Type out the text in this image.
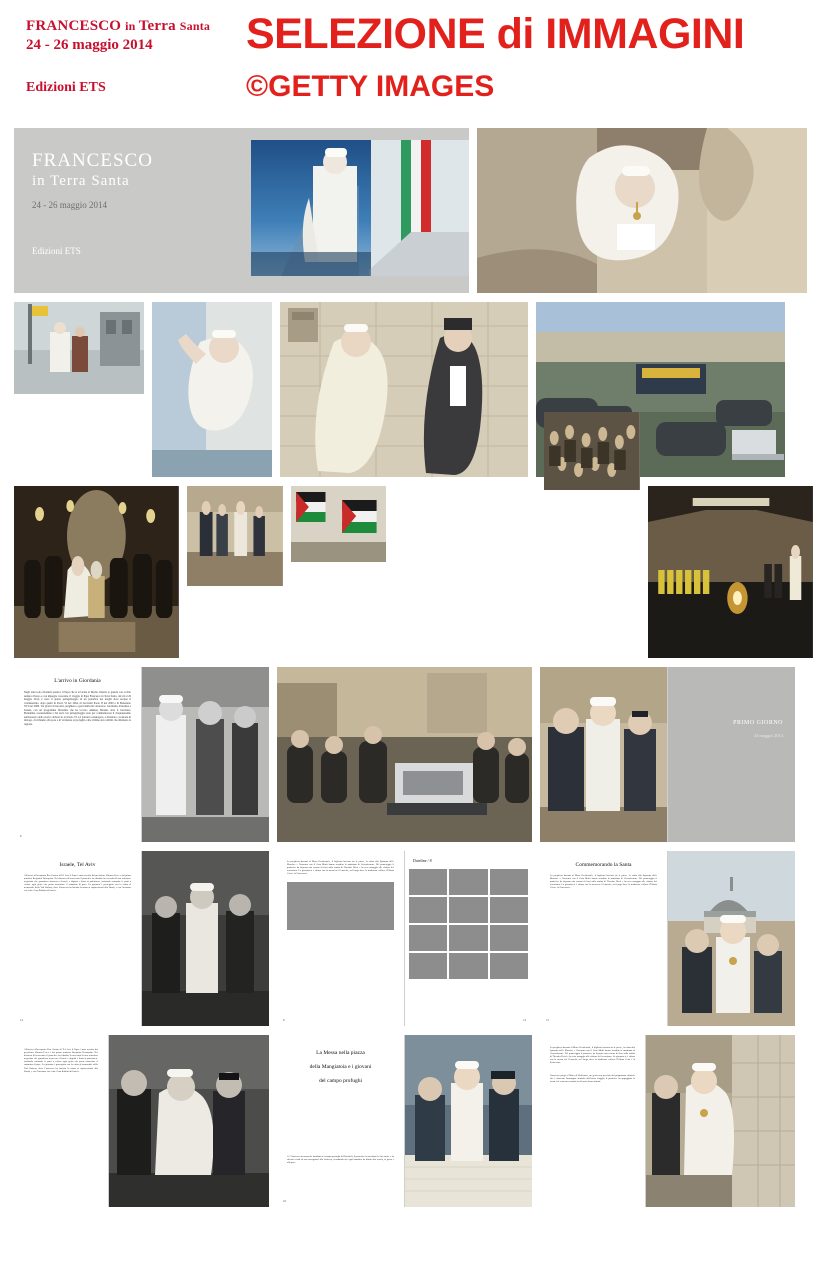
FRANCESCO in Terra Santa
24 - 26 maggio 2014
Edizioni ETS
SELEZIONE di IMMAGINI
©GETTY IMAGES
FRANCESCO
in Terra Santa
24 - 26 maggio 2014
Edizioni ETS
L'arrivo in Giordania
Negli anni sono diventati quattro: il Papa che si avvicina al Medio Oriente lo guarda con occhio sempre diverso e con impegno crescente. Il viaggio di Papa Francesco in Terra Santa, dal 24 al 26 maggio 2014, è stato il quarto pellegrinaggio di un pontefice nei luoghi dove nacque il cristianesimo, dopo quelli di Paolo VI nel 1964, di Giovanni Paolo II nel 2000 e di Benedetto XVI nel 2009. Tre giorni di incontri, preghiere e gesti simbolici attraverso Giordania, Palestina e Israele, con un programma fittissimo che ha toccato Amman, Betania oltre il Giordano, Betlemme, Gerusalemme e Tel Aviv. Un pellegrinaggio nato per commemorare il cinquantesimo anniversario dello storico abbraccio tra Paolo VI e il patriarca Atenagora, e diventato occasione di dialogo, di richiamo alla pace e di vicinanza ai profughi e alle vittime dei conflitti che dilaniano la regione.
8
PRIMO GIORNO
24 maggio 2014
Israele, Tel Aviv
All'arrivo all'aeroporto Ben Gurion di Tel Aviv il Papa è stato accolto dal presidente Shimon Peres e dal primo ministro Benjamin Netanyahu. Nel discorso di benvenuto il pontefice ha ribadito la necessità di una soluzione negoziata che garantisca sicurezza a Israele e dignità e Stato ai palestinesi, invitando entrambe le parti a evitare ogni gesto che possa ostacolare il cammino di pace. La giornata è proseguita con la visita al memoriale dello Yad Vashem, dove Francesco ha baciato la mano ai sopravvissuti alla Shoah, e con l'incontro con i due Gran Rabbini di Israele.
14
La preghiera davanti al Muro Occidentale, il biglietto lasciato tra le pietre, la visita alla Spianata delle Moschee e l'incontro con il Gran Mufti hanno scandito la mattinata di Gerusalemme. Nel pomeriggio il pontefice ha deposto una corona di fiori sulla tomba di Theodor Herzl e ha reso omaggio alle vittime del terrorismo. La giornata si è chiusa con la messa nel Cenacolo, nel luogo dove la tradizione colloca l'Ultima Cena e la Pentecoste.
8
Dateline / 8
14
Commemorando la Santa
La preghiera davanti al Muro Occidentale, il biglietto lasciato tra le pietre, la visita alla Spianata delle Moschee e l'incontro con il Gran Mufti hanno scandito la mattinata di Gerusalemme. Nel pomeriggio il pontefice ha deposto una corona di fiori sulla tomba di Theodor Herzl e ha reso omaggio alle vittime del terrorismo. La giornata si è chiusa con la messa nel Cenacolo, nel luogo dove la tradizione colloca l'Ultima Cena e la Pentecoste.
15
All'arrivo all'aeroporto Ben Gurion di Tel Aviv il Papa è stato accolto dal presidente Shimon Peres e dal primo ministro Benjamin Netanyahu. Nel discorso di benvenuto il pontefice ha ribadito la necessità di una soluzione negoziata che garantisca sicurezza a Israele e dignità e Stato ai palestinesi, invitando entrambe le parti a evitare ogni gesto che possa ostacolare il cammino di pace. La giornata è proseguita con la visita al memoriale dello Yad Vashem, dove Francesco ha baciato la mano ai sopravvissuti alla Shoah, e con l'incontro con i due Gran Rabbini di Israele.
La Messa nella piazza
della Mangiatoia e i giovani
del campo profughi
12. Francesco incontra dei bambini nel campo profughi di Dheisheh; il pontefice ha ascoltato le loro storie e ha chiesto a tutti di non rassegnarsi alla violenza, ricordando che ogni bambino ha diritto alla scuola, al gioco e alla pace.
22
La preghiera davanti al Muro Occidentale, il biglietto lasciato tra le pietre, la visita alla Spianata delle Moschee e l'incontro con il Gran Mufti hanno scandito la mattinata di Gerusalemme. Nel pomeriggio il pontefice ha deposto una corona di fiori sulla tomba di Theodor Herzl e ha reso omaggio alle vittime del terrorismo. La giornata si è chiusa con la messa nel Cenacolo, nel luogo dove la tradizione colloca l'Ultima Cena e la Pentecoste.
Francesco prega al Muro di Betlemme, un gesto non previsto dal programma ufficiale che è divenuto l'immagine simbolo dell'intero viaggio; il pontefice ha appoggiato la fronte sul cemento restando in silenzio alcuni minuti.
